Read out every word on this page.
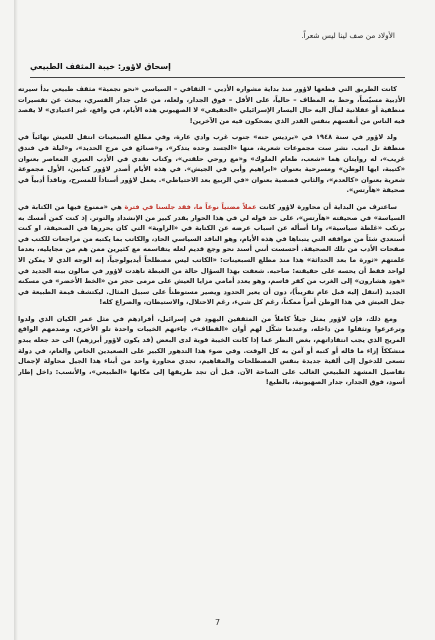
الأولاد من صف لينا ليس شعراً.
إسحاق لاؤور: خيبة المثقف الطبيعي

كانت الطريق التي قطعها لاؤور منذ بداية مشواره الأدبي – الثقافي – السياسي «نحو نجمية» مثقف طبيعي بدأ سيرته الأدبية مسيّساً، وحط به المطاف – حالياً، على الأقل – فوق الجدار، ولعله، من على جدار الفسري، يبحث عن تفسيرات منطقية أو عقلانية لمآل اليه حال اليسار الإسرائيلي «الحقيقي» لا الصهيوني هذه الأيام، في واقع، غير اعتيادي» لا يقصد فيه الناس من أنفسهم بنفس القدر الذي يضحكون فيه من الآخرين!

ولد لاؤور في سنة ١٩٤٨ في «برديس حنه» جنوب غرب وادي عارة، وفي مطلع السبعينات انتقل للعيش نهائياً في منطقة تل ابيب. نشر ست مجموعات شعرية، منها «الجسد وحده يتذكر»، و«صنائع في مرج الحديد»، و«ليلة في فندق غريب»، له روايتان هما «شعب، طعام الملوك» و«مع روحي حلقتي»، وكتاب نقدي في الأدب العبري المعاصر بعنوان «كتيبة، ايها الوطن» ومسرحية بعنوان «ابراهيم وأبي في الجيش». في هذه الأيام أصدر لاؤور كتابين، الأول مجموعة شعرية بعنوان «كالعدم»، والثاني قصصية بعنوان «في الربيع بعد الاحتياطي». يعمل لاؤور أستاذاً للمسرح، وناقداً أدبياً في صحيفة «هآرتس».

ساعترف من البداية أن محاورة لاؤور كانت عملاً مضنياً نوعاً ما، فقد جلسنا في فترة هي «ممنوع فيها من الكتابة في السياسة» في صحيفته «هآرتس»، على حد قوله لي في هذا الحوار بقدر كبير من الإنشداد والتوتر. إذ كنت كمن أمسك به برتكب «غلطة سياسية»، وانا أسأله عن اسباب عرضه عن الكتابة في «الزاوية» التي كان يحررها في الصحيفة، او كنت أستعدي شئاً من مواقفه التي يتبناها في هذه الأيام، وهو الناقد السياسي الحاد، والكاتب بما يكتبه من مراجعات للكتب في صفحات الأدب من تلك الصحيفة. أحسست أنني أسند نحو وجع قديم لعله يتقاسمه مع كثيرين ممن هم من مجايليه، بعدما علمتهم «ثورة ما بعد الحداثة» هذا منذ مطلع السبعينات: «الكاتب ليس مصطلحاً أيديولوجياً، إنه الوجه الذي لا يمكن الا لواحد فقط أن يحسه على حقيقته: صاحبه. شعفت بهذا السؤال حالة من الغبطة ناهدت لاؤور في صالون بيته الجديد في «هود هشارون» إلى الغرب من كفر قاسم، وهو يعدد أمامي مزايا العيش على مرمى حجر من «الخط الأخضر» في مسكنه الجديد (انتقل إليه قبل عام تقريباً)، دون أن يعير الحدود ويصير مستوطناً على سبيل المثال. ليكتشف قيمة الطبيعة في جعل العيش في هذا الوطن أمراً ممكناً، رغم كل شيء، رغم الاحتلال، والاستيطان، والصراع كله!

ومع ذلك، فإن لاؤور يمثل جيلاً كاملاً من المثقفين اليهود في إسرائيل، أفرادهم في مثل عمر الكيان الذي ولدوا وترعرعوا وتثقلوا من داخله، وعندما شكّل لهم أوان «الفطاف»، جاءتهم الخيبات واحدة تلو الأخرى، وصدمهم الواقع المريح الذي يجب انتقاداتهم، بغض النظر عما إذا كانت الخيبة قوية لدى البعض (قد يكون لاؤور أبرزهم) الى حد جعله يبدو متشككاً إزاء ما قاله أو كتبه أو آمن به كل الوقت. وفي ضوء هذا التدهور الكبير على الصعيدين الخاص والعام، في دولة تسعى للدخول إلى ألفية جديدة بنفس المصطلحات والمفاهيم، تجدي محاورة واحد من أبناء هذا الجيل محاولة لإجمال تفاصيل المشهد الطبيعي الغالب على الساحة الآن. قبل أن تجد طريقها إلى مكانها «الطبيعي»، والأنسب: داخل إطار أسود، فوق الجدار، جدار الصهيونية، بالطبع!

7
